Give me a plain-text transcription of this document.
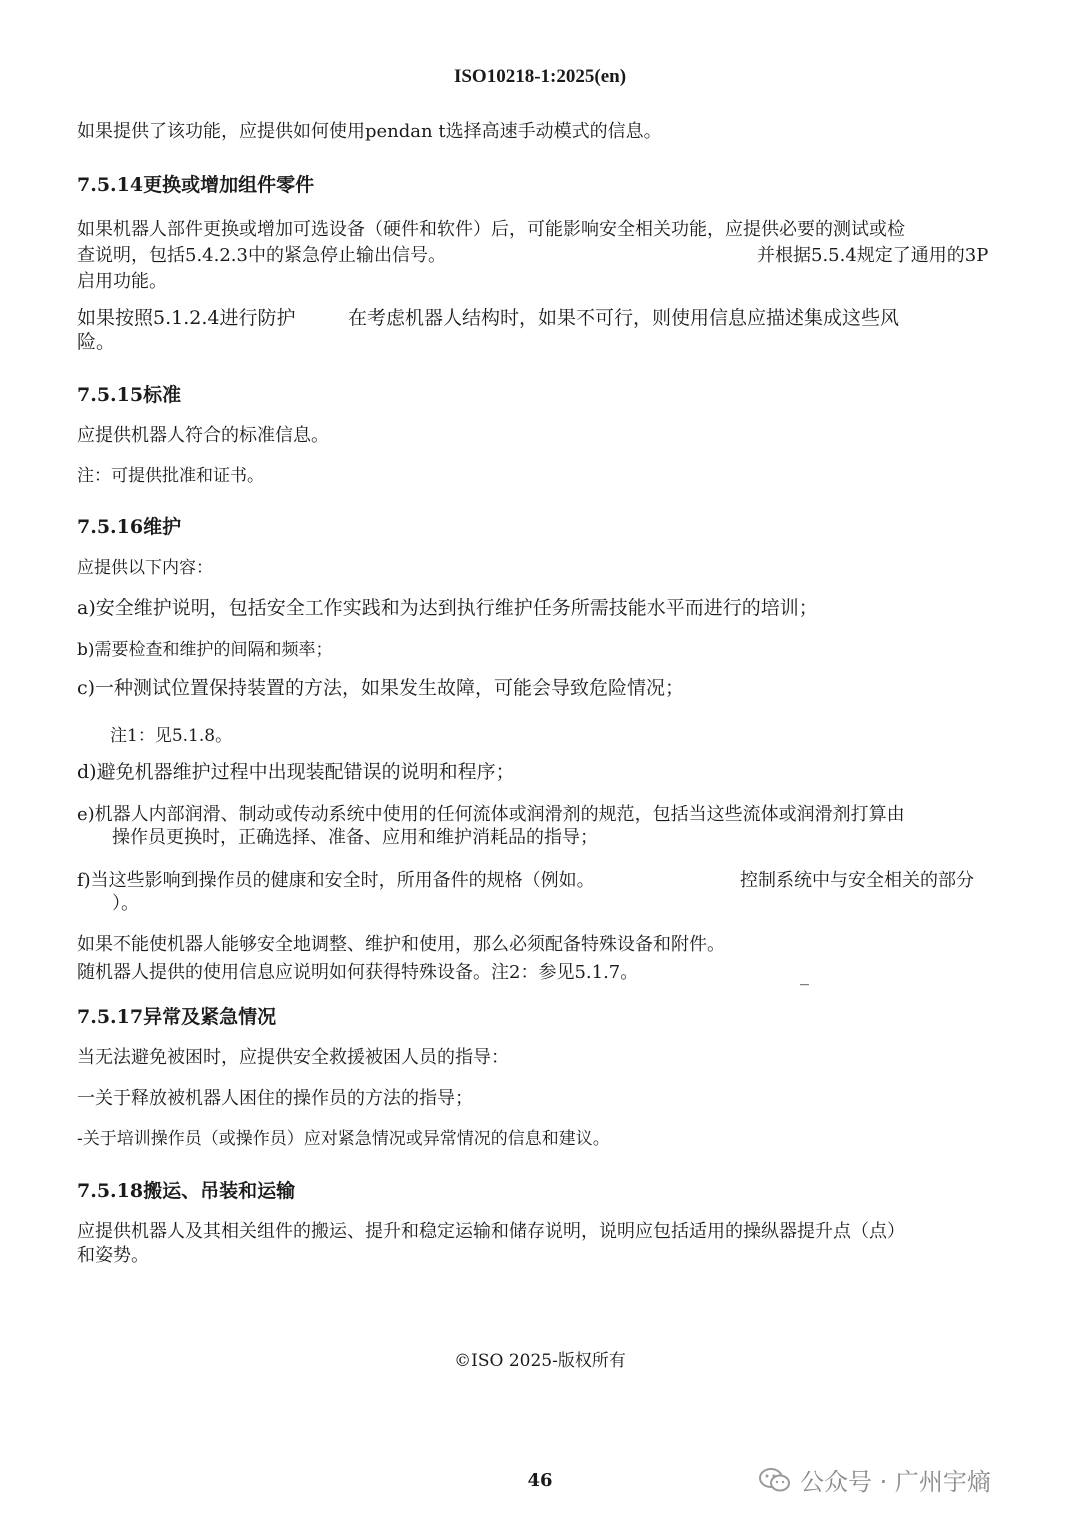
ISO10218-1:2025(en)
如果提供了该功能，应提供如何使用pendan t选择高速手动模式的信息。
7.5.14更换或增加组件零件
如果机器人部件更换或增加可选设备（硬件和软件）后，可能影响安全相关功能，应提供必要的测试或检
查说明，包括5.4.2.3中的紧急停止输出信号。	并根据5.5.4规定了通用的3P
启用功能。
如果按照5.1.2.4进行防护	在考虑机器人结构时，如果不可行，则使用信息应描述集成这些风
险。
7.5.15标准
应提供机器人符合的标准信息。
注：可提供批准和证书。
7.5.16维护
应提供以下内容：
a)安全维护说明，包括安全工作实践和为达到执行维护任务所需技能水平而进行的培训；
b)需要检查和维护的间隔和频率；
c)一种测试位置保持装置的方法，如果发生故障，可能会导致危险情况；
注1：见5.1.8。
d)避免机器维护过程中出现装配错误的说明和程序；
e)机器人内部润滑、制动或传动系统中使用的任何流体或润滑剂的规范，包括当这些流体或润滑剂打算由
操作员更换时，正确选择、准备、应用和维护消耗品的指导；
f)当这些影响到操作员的健康和安全时，所用备件的规格（例如。	控制系统中与安全相关的部分
）。
如果不能使机器人能够安全地调整、维护和使用，那么必须配备特殊设备和附件。
随机器人提供的使用信息应说明如何获得特殊设备。注2：参见5.1.7。	_
7.5.17异常及紧急情况
当无法避免被困时，应提供安全救援被困人员的指导：
一关于释放被机器人困住的操作员的方法的指导；
-关于培训操作员（或操作员）应对紧急情况或异常情况的信息和建议。
7.5.18搬运、吊装和运输
应提供机器人及其相关组件的搬运、提升和稳定运输和储存说明，说明应包括适用的操纵器提升点（点）
和姿势。
©ISO 2025-版权所有
46	公众号 · 广州宇熵
